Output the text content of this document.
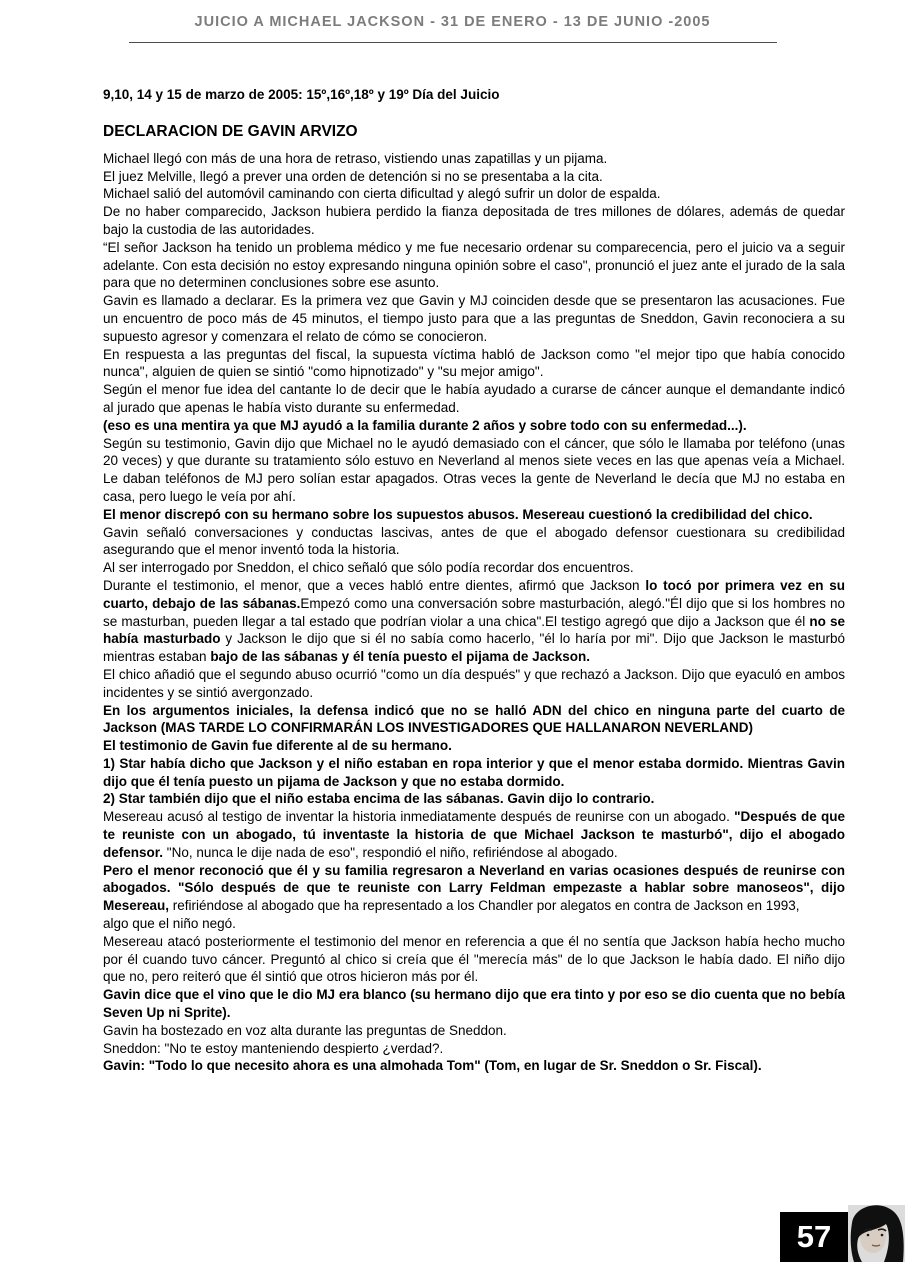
JUICIO A MICHAEL JACKSON - 31 DE ENERO - 13 DE JUNIO -2005

9,10, 14 y 15 de marzo de 2005: 15º,16º,18º y 19º Día del Juicio

DECLARACION DE GAVIN ARVIZO

Michael llegó con más de una hora de retraso, vistiendo unas zapatillas y un pijama.

El juez Melville, llegó a prever una orden de detención si no se presentaba a la cita.

Michael salió del automóvil caminando con cierta dificultad y alegó sufrir un dolor de espalda.

De no haber comparecido, Jackson hubiera perdido la fianza depositada de tres millones de dólares, además de quedar bajo la custodia de las autoridades.

“El señor Jackson ha tenido un problema médico y me fue necesario ordenar su comparecencia, pero el juicio va a seguir adelante. Con esta decisión no estoy expresando ninguna opinión sobre el caso", pronunció el juez ante el jurado de la sala para que no determinen conclusiones sobre ese asunto.

Gavin es llamado a declarar. Es la primera vez que Gavin y MJ coinciden desde que se presentaron las acusaciones. Fue un encuentro de poco más de 45 minutos, el tiempo justo para que a las preguntas de Sneddon, Gavin reconociera a su supuesto agresor y comenzara el relato de cómo se conocieron.

En respuesta a las preguntas del fiscal, la supuesta víctima habló de Jackson como "el mejor tipo que había conocido nunca", alguien de quien se sintió "como hipnotizado" y "su mejor amigo".

Según el menor fue idea del cantante lo de decir que le había ayudado a curarse de cáncer aunque el demandante indicó al jurado que apenas le había visto durante su enfermedad.

(eso es una mentira ya que MJ ayudó a la familia durante 2 años y sobre todo con su enfermedad...).

Según su testimonio, Gavin dijo que Michael no le ayudó demasiado con el cáncer, que sólo le llamaba por teléfono (unas 20 veces) y que durante su tratamiento sólo estuvo en Neverland al menos siete veces en las que apenas veía a Michael. Le daban teléfonos de MJ pero solían estar apagados. Otras veces la gente de Neverland le decía que MJ no estaba en casa, pero luego le veía por ahí.

El menor discrepó con su hermano sobre los supuestos abusos. Mesereau cuestionó la credibilidad del chico.

Gavin señaló conversaciones y conductas lascivas, antes de que el abogado defensor cuestionara su credibilidad asegurando que el menor inventó toda la historia.

Al ser interrogado por Sneddon, el chico señaló que sólo podía recordar dos encuentros.

Durante el testimonio, el menor, que a veces habló entre dientes, afirmó que Jackson lo tocó por primera vez en su cuarto, debajo de las sábanas.Empezó como una conversación sobre masturbación, alegó."Él dijo que si los hombres no se masturban, pueden llegar a tal estado que podrían violar a una chica".El testigo agregó que dijo a Jackson que él no se había masturbado y Jackson le dijo que si él no sabía como hacerlo, "él lo haría por mi". Dijo que Jackson le masturbó mientras estaban bajo de las sábanas y él tenía puesto el pijama de Jackson.

El chico añadió que el segundo abuso ocurrió "como un día después" y que rechazó a Jackson. Dijo que eyaculó en ambos incidentes y se sintió avergonzado.

En los argumentos iniciales, la defensa indicó que no se halló ADN del chico en ninguna parte del cuarto de Jackson (MAS TARDE LO CONFIRMARÁN LOS INVESTIGADORES QUE HALLANARON NEVERLAND)

El testimonio de Gavin fue diferente al de su hermano.

1) Star había dicho que Jackson y el niño estaban en ropa interior y que el menor estaba dormido. Mientras Gavin dijo que él tenía puesto un pijama de Jackson y que no estaba dormido.

2) Star también dijo que el niño estaba encima de las sábanas. Gavin dijo lo contrario.

Mesereau acusó al testigo de inventar la historia inmediatamente después de reunirse con un abogado. "Después de que te reuniste con un abogado, tú inventaste la historia de que Michael Jackson te masturbó", dijo el abogado defensor. "No, nunca le dije nada de eso", respondió el niño, refiriéndose al abogado.

Pero el menor reconoció que él y su familia regresaron a Neverland en varias ocasiones después de reunirse con abogados. "Sólo después de que te reuniste con Larry Feldman empezaste a hablar sobre manoseos", dijo Mesereau, refiriéndose al abogado que ha representado a los Chandler por alegatos en contra de Jackson en 1993,

algo que el niño negó.

Mesereau atacó posteriormente el testimonio del menor en referencia a que él no sentía que Jackson había hecho mucho por él cuando tuvo cáncer. Preguntó al chico si creía que él "merecía más" de lo que Jackson le había dado. El niño dijo que no, pero reiteró que él sintió que otros hicieron más por él.

Gavin dice que el vino que le dio MJ era blanco (su hermano dijo que era tinto y por eso se dio cuenta que no bebía Seven Up ni Sprite).

Gavin ha bostezado en voz alta durante las preguntas de Sneddon.

Sneddon: "No te estoy manteniendo despierto ¿verdad?.

Gavin: "Todo lo que necesito ahora es una almohada Tom" (Tom, en lugar de Sr. Sneddon o Sr. Fiscal).

57
